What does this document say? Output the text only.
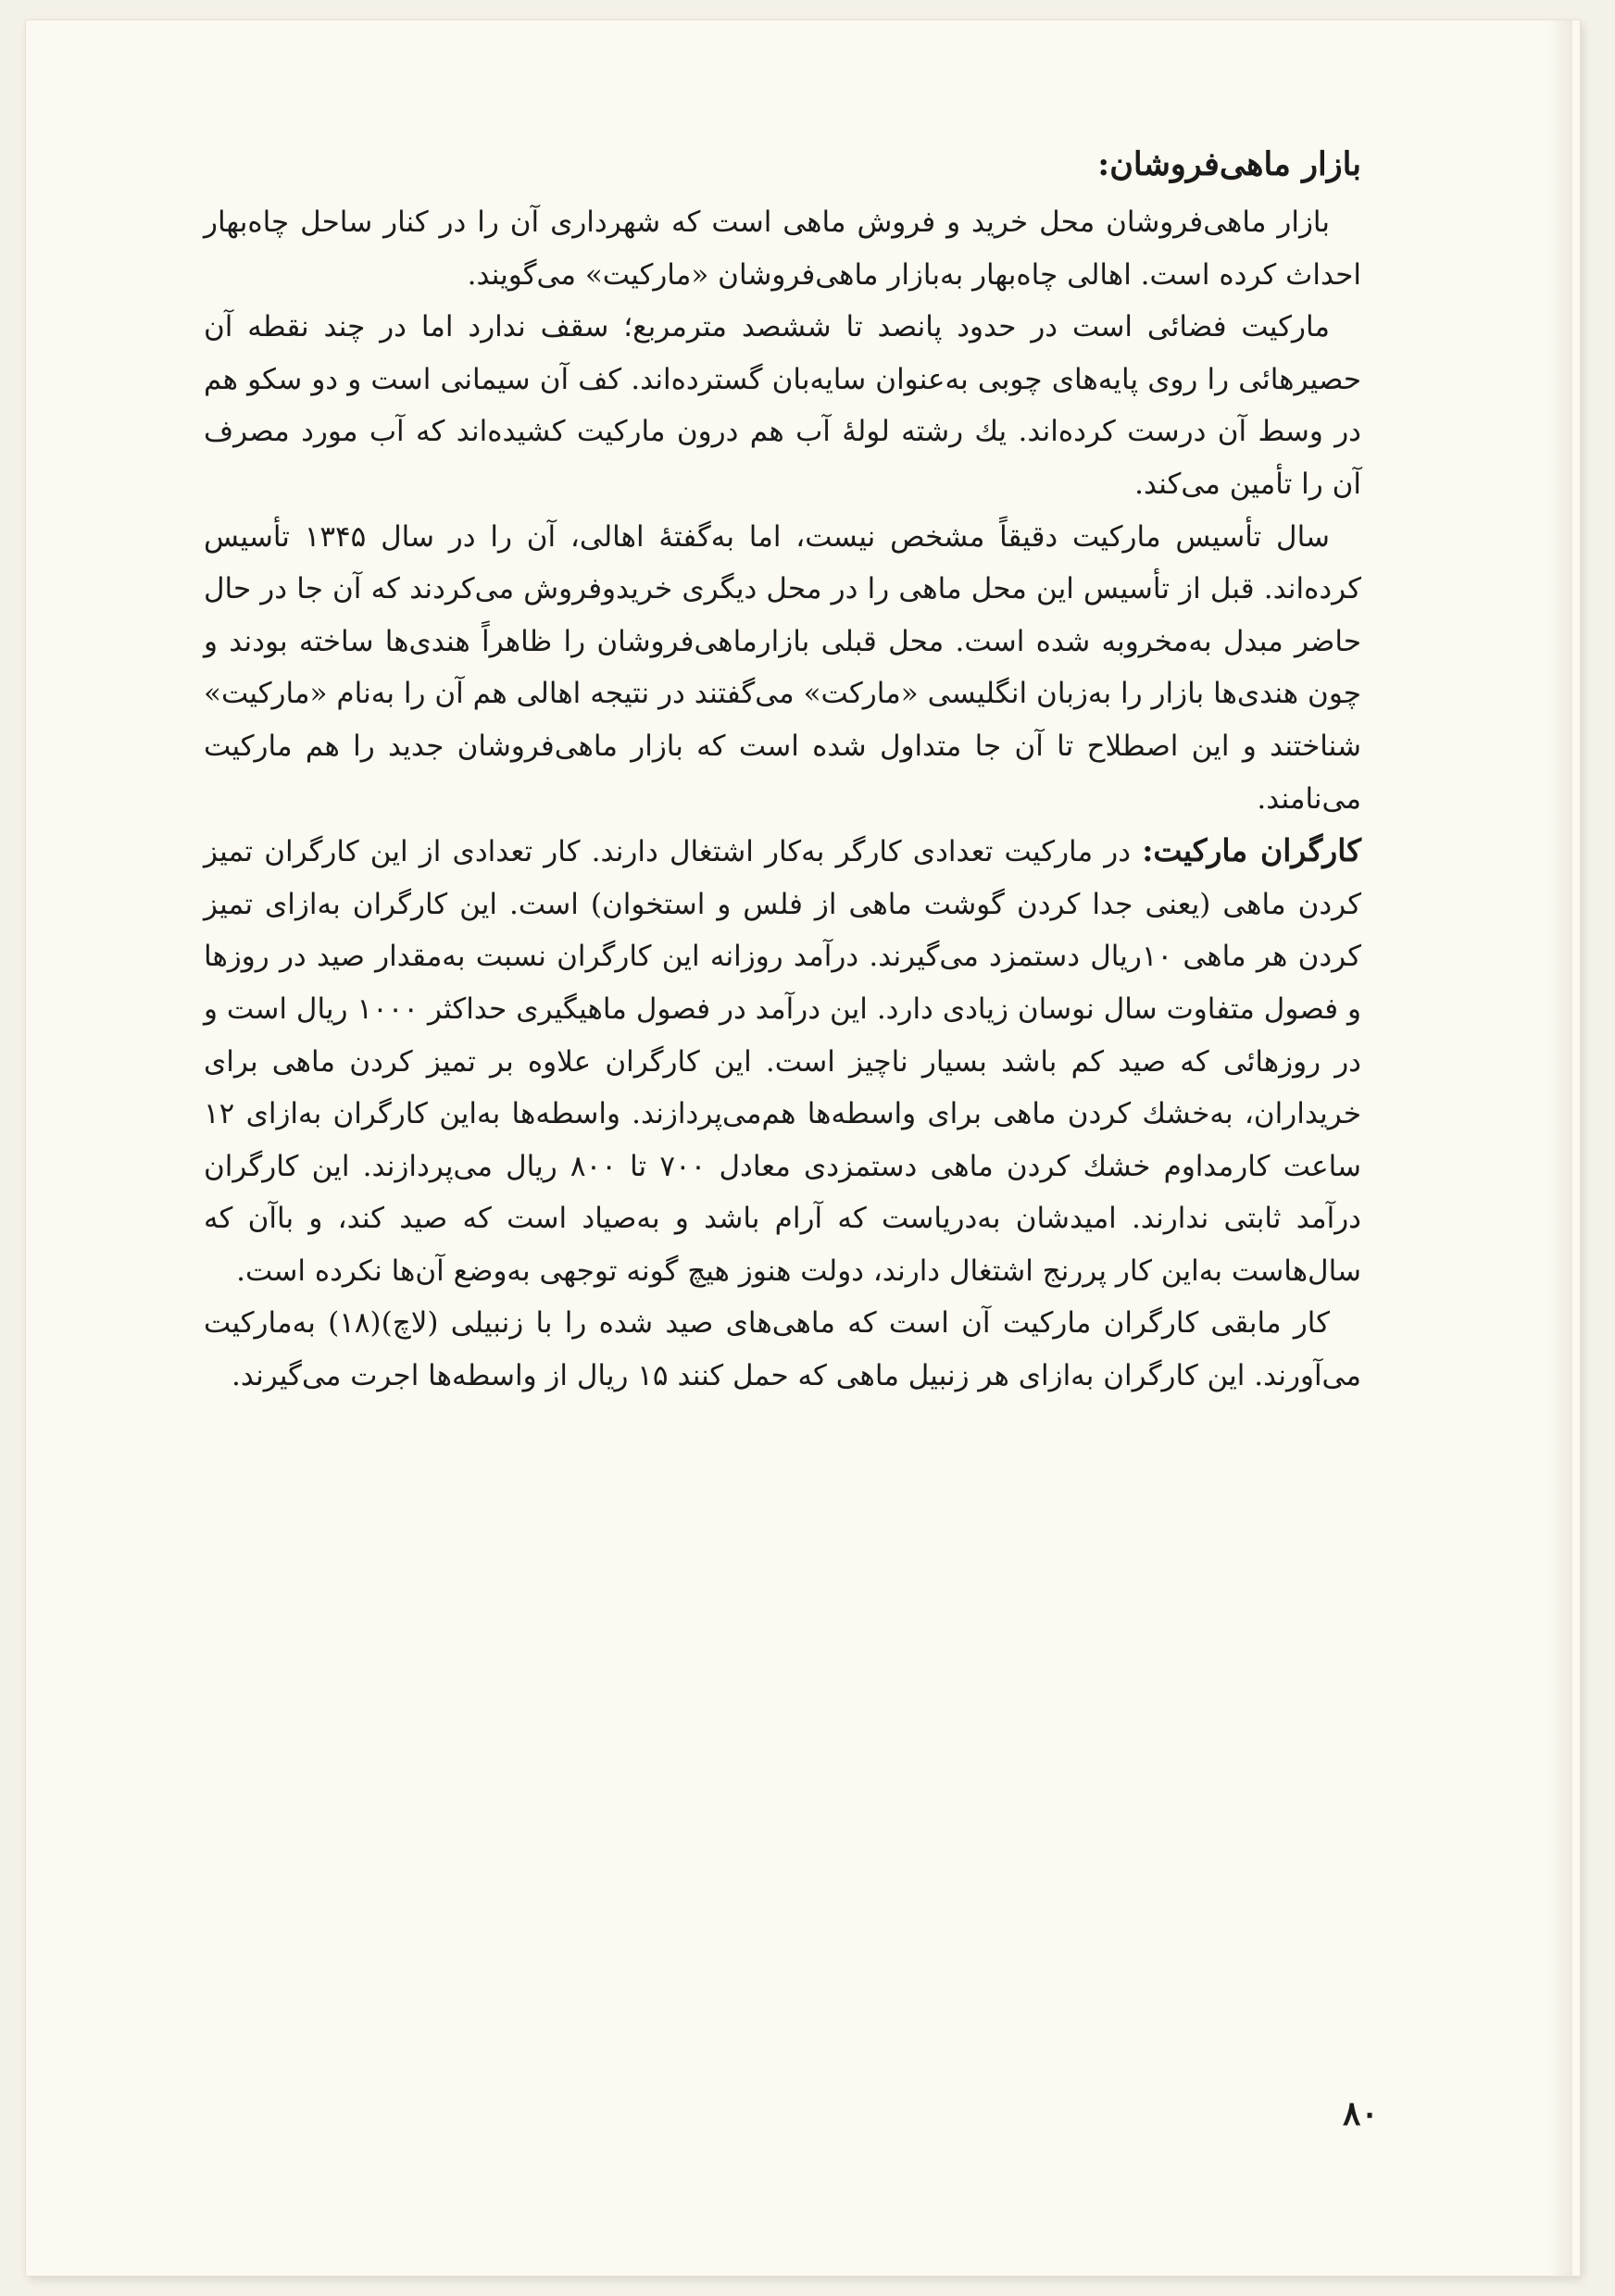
بازار ماهی‌فروشان:

بازار ماهی‌فروشان محل خرید و فروش ماهی است که شهرداری آن را در کنار ساحل چاه‌بهار احداث کرده است. اهالی چاه‌بهار به‌بازار ماهی‌فروشان «مارکیت» می‌گویند.

مارکیت فضائی است در حدود پانصد تا ششصد مترمربع؛ سقف ندارد اما در چند نقطه آن حصیرهائی را روی پایه‌های چوبی به‌عنوان سایه‌بان گسترده‌اند. کف آن سیمانی است و دو سکو هم در وسط آن درست کرده‌اند. یك رشته لولهٔ آب هم درون مارکیت کشیده‌اند که آب مورد مصرف آن را تأمین می‌کند.

سال تأسیس مارکیت دقیقاً مشخص نیست، اما به‌گفتهٔ اهالی، آن را در سال ۱۳۴۵ تأسیس کرده‌اند. قبل از تأسیس این محل ماهی را در محل دیگری خریدوفروش می‌کردند که آن جا در حال حاضر مبدل به‌مخروبه شده است. محل قبلی بازارماهی‌فروشان را ظاهراً هندی‌ها ساخته بودند و چون هندی‌ها بازار را به‌زبان انگلیسی «مارکت» می‌گفتند در نتیجه اهالی هم آن را به‌نام «مارکیت» شناختند و این اصطلاح تا آن جا متداول شده است که بازار ماهی‌فروشان جدید را هم مارکیت می‌نامند.

کارگران مارکیت: در مارکیت تعدادی کارگر به‌کار اشتغال دارند. کار تعدادی از این کارگران تمیز کردن ماهی (یعنی جدا کردن گوشت ماهی از فلس و استخوان) است. این کارگران به‌ازای تمیز کردن هر ماهی ۱۰ریال دستمزد می‌گیرند. درآمد روزانه این کارگران نسبت به‌مقدار صید در روزها و فصول متفاوت سال نوسان زیادی دارد. این درآمد در فصول ماهیگیری حداکثر ۱۰۰۰ ریال است و در روزهائی که صید کم باشد بسیار ناچیز است. این کارگران علاوه بر تمیز کردن ماهی برای خریداران، به‌خشك کردن ماهی برای واسطه‌ها هم‌می‌پردازند. واسطه‌ها به‌این کارگران به‌ازای ۱۲ ساعت کارمداوم خشك کردن ماهی دستمزدی معادل ۷۰۰ تا ۸۰۰ ریال می‌پردازند. این کارگران درآمد ثابتی ندارند. امیدشان به‌دریاست که آرام باشد و به‌صیاد است که صید کند، و باآن که سال‌هاست به‌این کار پررنج اشتغال دارند، دولت هنوز هیچ گونه توجهی به‌وضع آن‌ها نکرده است.

کار مابقی کارگران مارکیت آن است که ماهی‌های صید شده را با زنبیلی (لاچ)(۱۸) به‌مارکیت می‌آورند. این کارگران به‌ازای هر زنبیل ماهی که حمل کنند ۱۵ ریال از واسطه‌ها اجرت می‌گیرند.

۸۰
